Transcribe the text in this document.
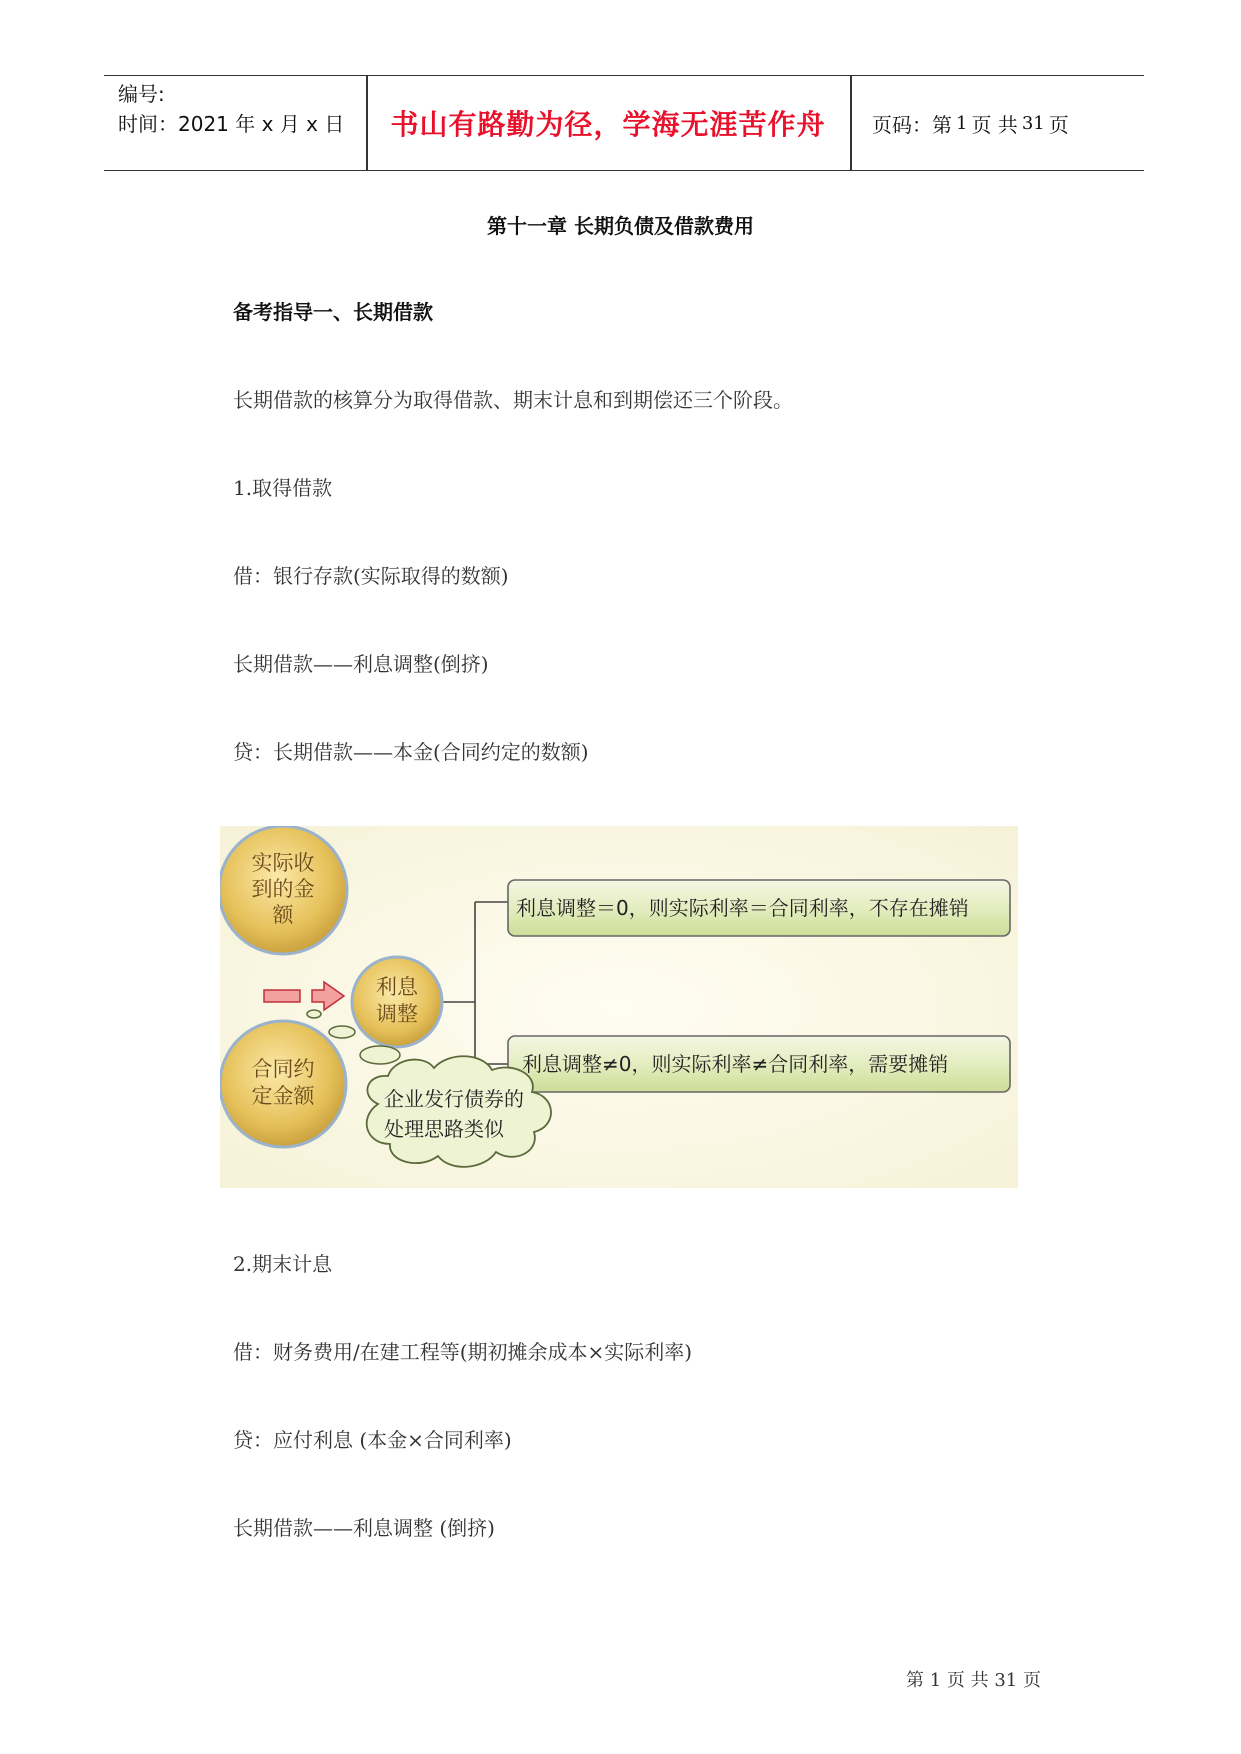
编号:
时间：2021 年 x 月 x 日	书山有路勤为径，学海无涯苦作舟	页码：第 1 页 共 31 页
第十一章 长期负债及借款费用
备考指导一、长期借款
长期借款的核算分为取得借款、期末计息和到期偿还三个阶段。
1.取得借款
借：银行存款(实际取得的数额)
长期借款——利息调整(倒挤)
贷：长期借款——本金(合同约定的数额)
实际收
到的金
额
合同约
定金额
利息
调整
利息调整＝0，则实际利率＝合同利率，不存在摊销
利息调整≠0，则实际利率≠合同利率，需要摊销
企业发行债券的
处理思路类似
2.期末计息
借：财务费用/在建工程等(期初摊余成本×实际利率)
贷：应付利息 (本金×合同利率)
长期借款——利息调整 (倒挤)
第 1 页 共 31 页
